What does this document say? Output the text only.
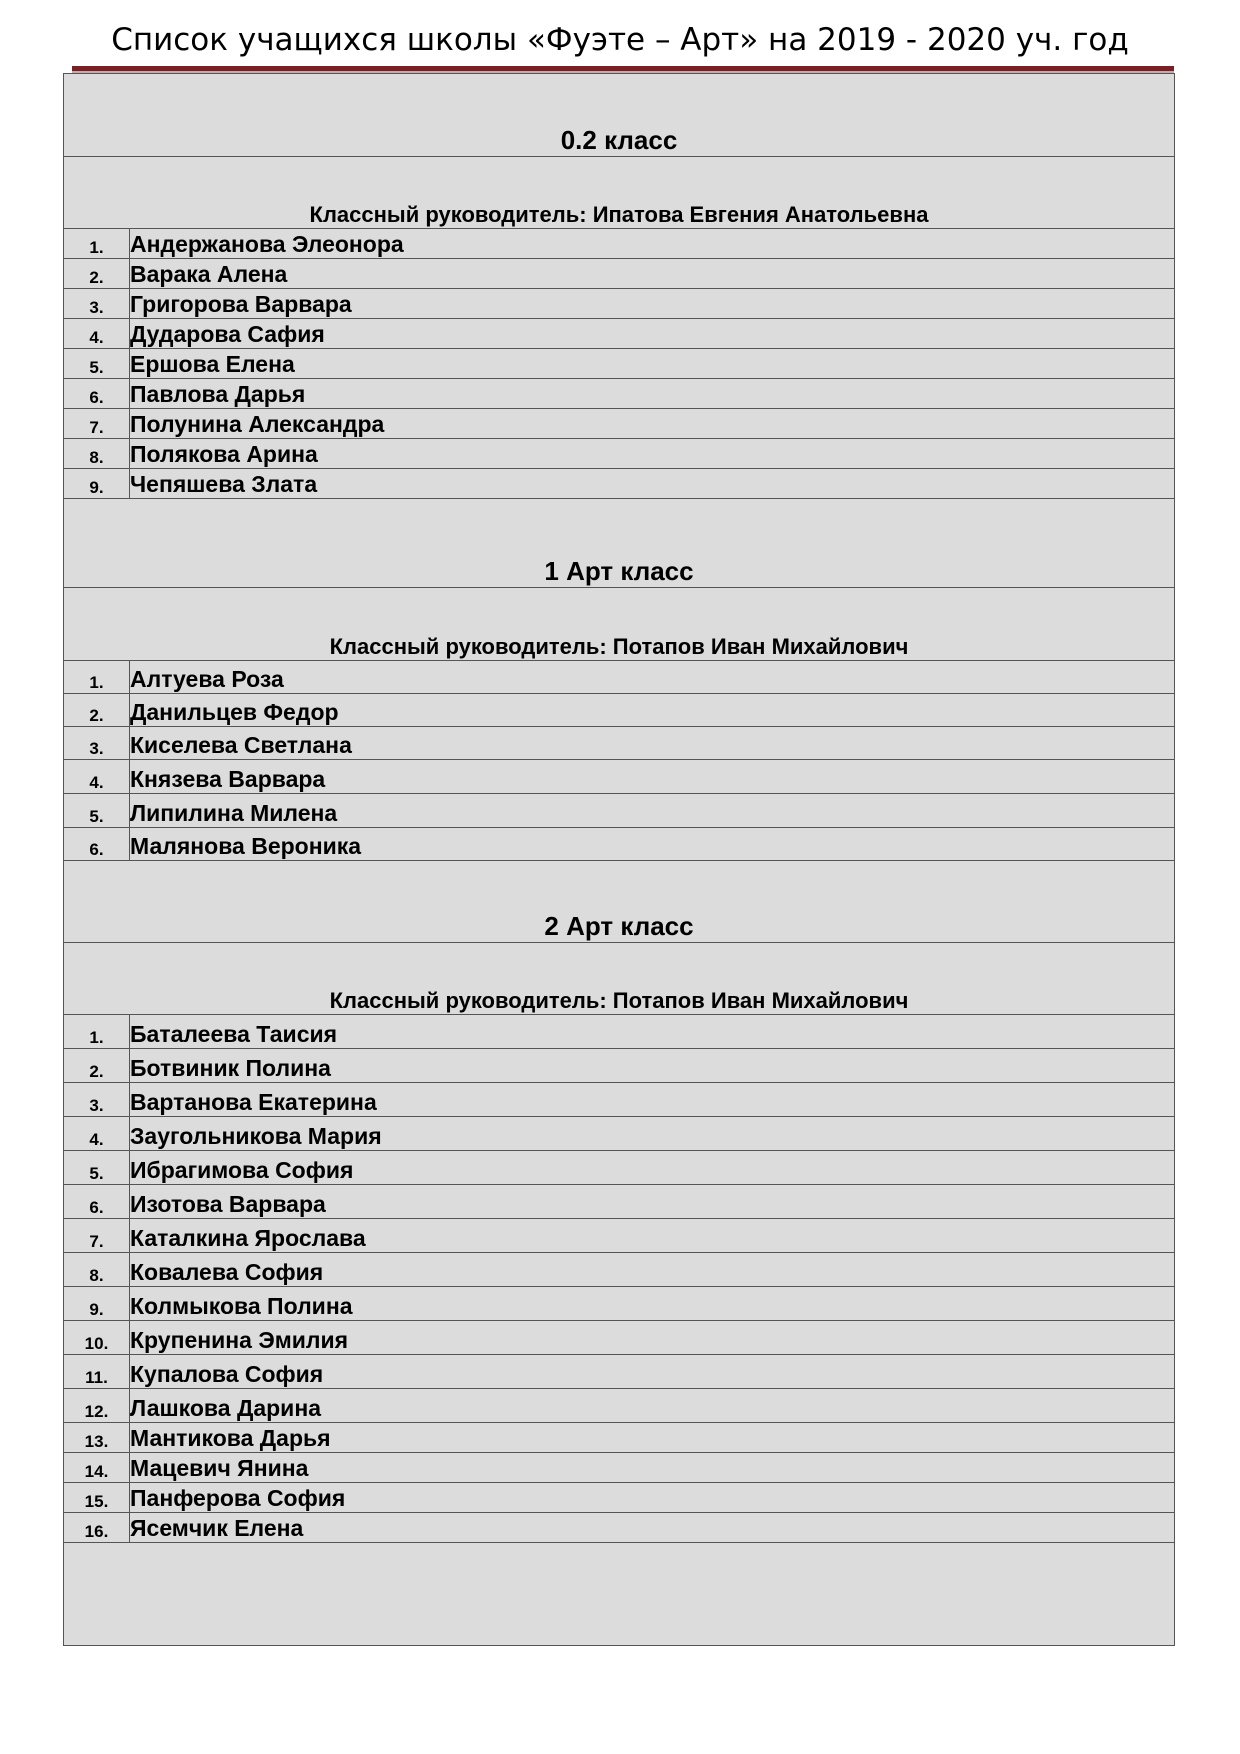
Список учащихся школы «Фуэте – Арт» на 2019 - 2020 уч. год
0.2 класс	
Классный руководитель: Ипатова Евгения Анатольевна	
1.	Андержанова Элеонора
2.	Варака Алена
3.	Григорова Варвара
4.	Дударова Сафия
5.	Ершова Елена
6.	Павлова Дарья
7.	Полунина Александра
8.	Полякова Арина
9.	Чепяшева Злата
1 Арт класс	
Классный руководитель: Потапов Иван Михайлович	
1.	Алтуева Роза
2.	Данильцев Федор
3.	Киселева Светлана
4.	Князева Варвара
5.	Липилина Милена
6.	Малянова Вероника
2 Арт класс	
Классный руководитель: Потапов Иван Михайлович	
1.	Баталеева Таисия
2.	Ботвиник Полина
3.	Вартанова Екатерина
4.	Заугольникова Мария
5.	Ибрагимова София
6.	Изотова Варвара
7.	Каталкина Ярослава
8.	Ковалева София
9.	Колмыкова Полина
10.	Крупенина Эмилия
11.	Купалова София
12.	Лашкова Дарина
13.	Мантикова Дарья
14.	Мацевич Янина
15.	Панферова София
16.	Ясемчик Елена
